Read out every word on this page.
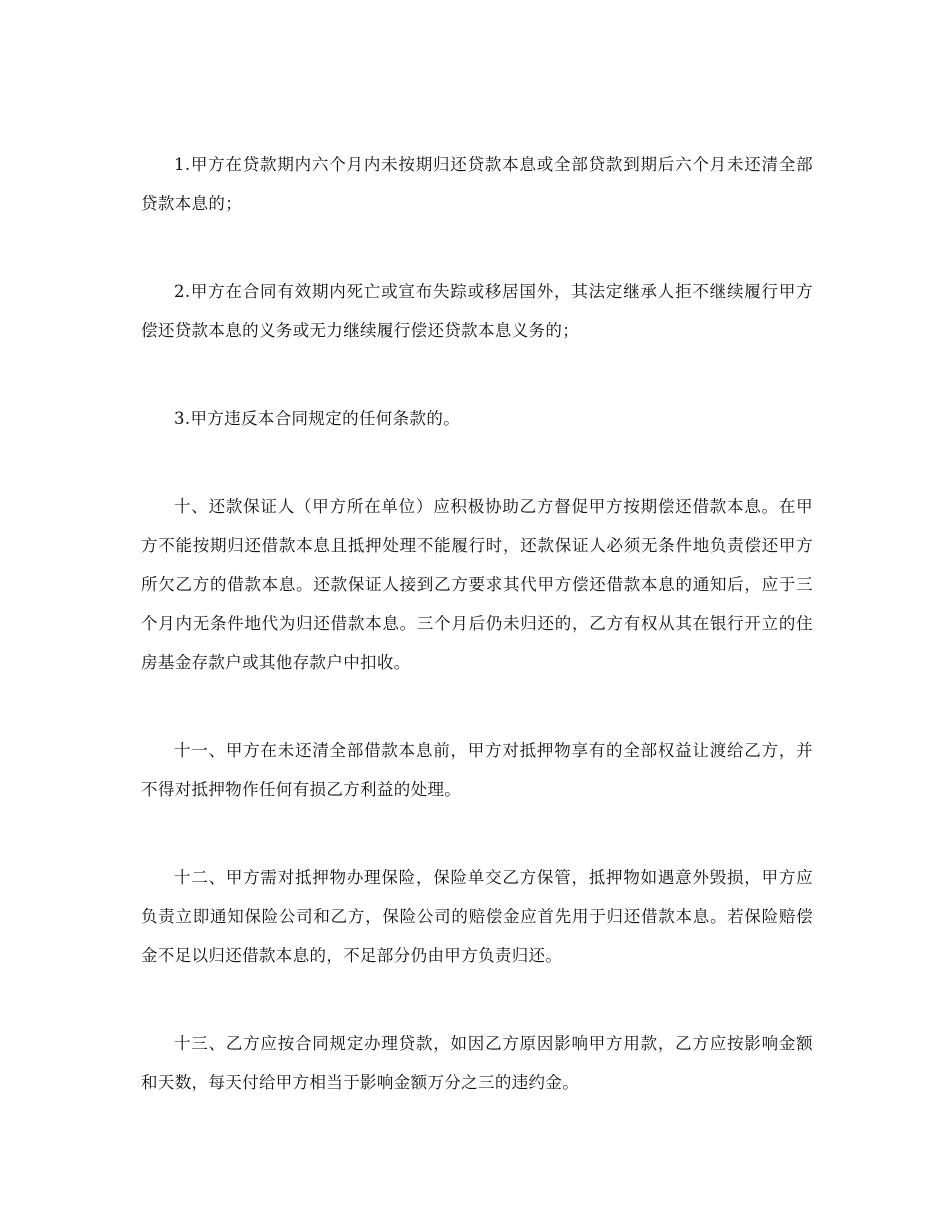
1.甲方在贷款期内六个月内未按期归还贷款本息或全部贷款到期后六个月未还清全部贷款本息的；

2.甲方在合同有效期内死亡或宣布失踪或移居国外，其法定继承人拒不继续履行甲方偿还贷款本息的义务或无力继续履行偿还贷款本息义务的；

3.甲方违反本合同规定的任何条款的。

十、还款保证人（甲方所在单位）应积极协助乙方督促甲方按期偿还借款本息。在甲方不能按期归还借款本息且抵押处理不能履行时，还款保证人必须无条件地负责偿还甲方所欠乙方的借款本息。还款保证人接到乙方要求其代甲方偿还借款本息的通知后，应于三个月内无条件地代为归还借款本息。三个月后仍未归还的，乙方有权从其在银行开立的住房基金存款户或其他存款户中扣收。

十一、甲方在未还清全部借款本息前，甲方对抵押物享有的全部权益让渡给乙方，并不得对抵押物作任何有损乙方利益的处理。

十二、甲方需对抵押物办理保险，保险单交乙方保管，抵押物如遇意外毁损，甲方应负责立即通知保险公司和乙方，保险公司的赔偿金应首先用于归还借款本息。若保险赔偿金不足以归还借款本息的，不足部分仍由甲方负责归还。

十三、乙方应按合同规定办理贷款，如因乙方原因影响甲方用款，乙方应按影响金额和天数，每天付给甲方相当于影响金额万分之三的违约金。
